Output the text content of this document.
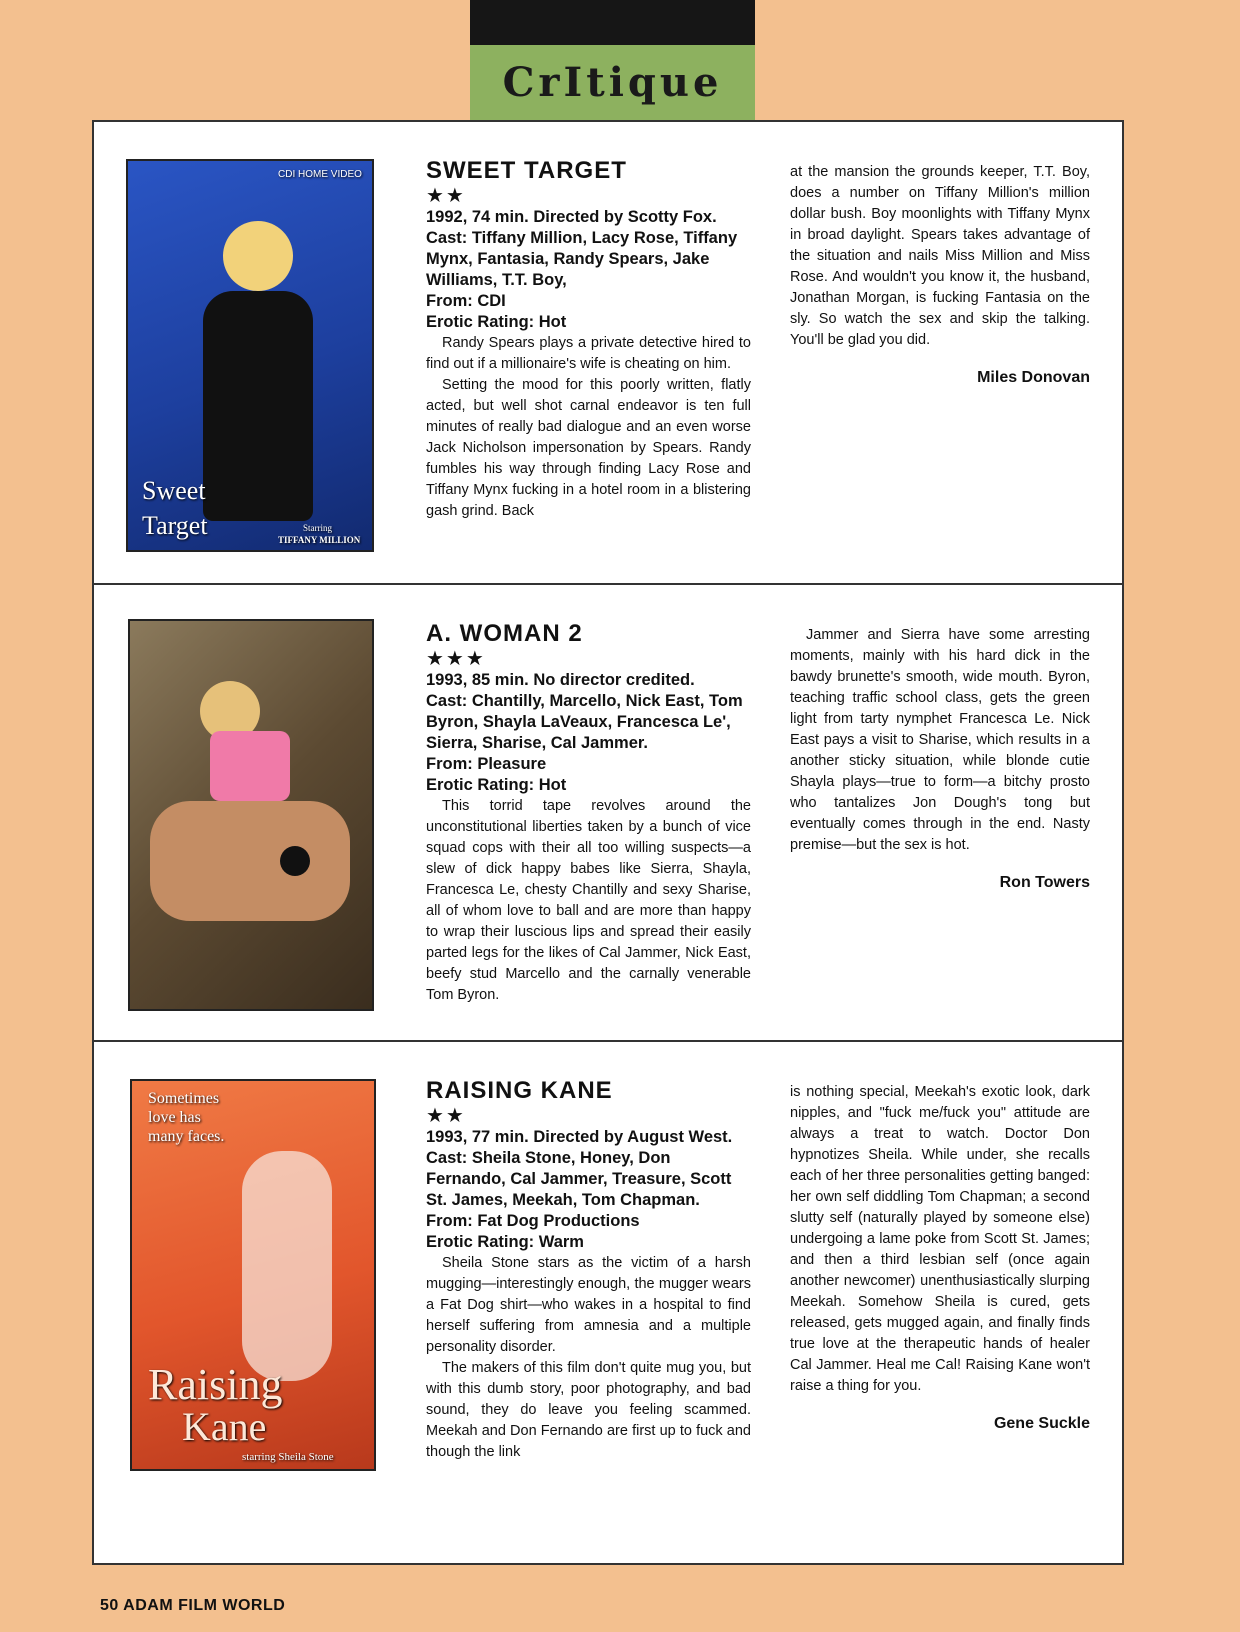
CrItique
CDI HOME VIDEO
Sweet
Target	Starring
TIFFANY MILLION

SWEET TARGET

★★

1992, 74 min. Directed by Scotty Fox.

Cast: Tiffany Million, Lacy Rose, Tiffany Mynx, Fantasia, Randy Spears, Jake Williams, T.T. Boy,

From: CDI

Erotic Rating: Hot

Randy Spears plays a private detective hired to find out if a millionaire's wife is cheating on him.

Setting the mood for this poorly written, flatly acted, but well shot carnal endeavor is ten full minutes of really bad dialogue and an even worse Jack Nicholson impersonation by Spears. Randy fumbles his way through finding Lacy Rose and Tiffany Mynx fucking in a hotel room in a blistering gash grind. Back

at the mansion the grounds keeper, T.T. Boy, does a number on Tiffany Million's million dollar bush. Boy moonlights with Tiffany Mynx in broad daylight. Spears takes advantage of the situation and nails Miss Million and Miss Rose. And wouldn't you know it, the husband, Jonathan Morgan, is fucking Fantasia on the sly. So watch the sex and skip the talking. You'll be glad you did.

Miles Donovan

A. WOMAN 2

★★★

1993, 85 min. No director credited.

Cast: Chantilly, Marcello, Nick East, Tom Byron, Shayla LaVeaux, Francesca Le', Sierra, Sharise, Cal Jammer.

From: Pleasure

Erotic Rating: Hot

This torrid tape revolves around the unconstitutional liberties taken by a bunch of vice squad cops with their all too willing suspects—a slew of dick happy babes like Sierra, Shayla, Francesca Le, chesty Chantilly and sexy Sharise, all of whom love to ball and are more than happy to wrap their luscious lips and spread their easily parted legs for the likes of Cal Jammer, Nick East, beefy stud Marcello and the carnally venerable Tom Byron.

Jammer and Sierra have some arresting moments, mainly with his hard dick in the bawdy brunette's smooth, wide mouth. Byron, teaching traffic school class, gets the green light from tarty nymphet Francesca Le. Nick East pays a visit to Sharise, which results in a another sticky situation, while blonde cutie Shayla plays—true to form—a bitchy prosto who tantalizes Jon Dough's tong but eventually comes through in the end. Nasty premise—but the sex is hot.

Ron Towers
Sometimes love has many faces.
Raising
Kane
starring Sheila Stone

RAISING KANE

★★

1993, 77 min. Directed by August West.

Cast: Sheila Stone, Honey, Don Fernando, Cal Jammer, Treasure, Scott St. James, Meekah, Tom Chapman.

From: Fat Dog Productions

Erotic Rating: Warm

Sheila Stone stars as the victim of a harsh mugging—interestingly enough, the mugger wears a Fat Dog shirt—who wakes in a hospital to find herself suffering from amnesia and a multiple personality disorder.

The makers of this film don't quite mug you, but with this dumb story, poor photography, and bad sound, they do leave you feeling scammed. Meekah and Don Fernando are first up to fuck and though the link

is nothing special, Meekah's exotic look, dark nipples, and "fuck me/fuck you" attitude are always a treat to watch. Doctor Don hypnotizes Sheila. While under, she recalls each of her three personalities getting banged: her own self diddling Tom Chapman; a second slutty self (naturally played by someone else) undergoing a lame poke from Scott St. James; and then a third lesbian self (once again another newcomer) unenthusiastically slurping Meekah. Somehow Sheila is cured, gets released, gets mugged again, and finally finds true love at the therapeutic hands of healer Cal Jammer. Heal me Cal! Raising Kane won't raise a thing for you.

Gene Suckle
50 ADAM FILM WORLD
